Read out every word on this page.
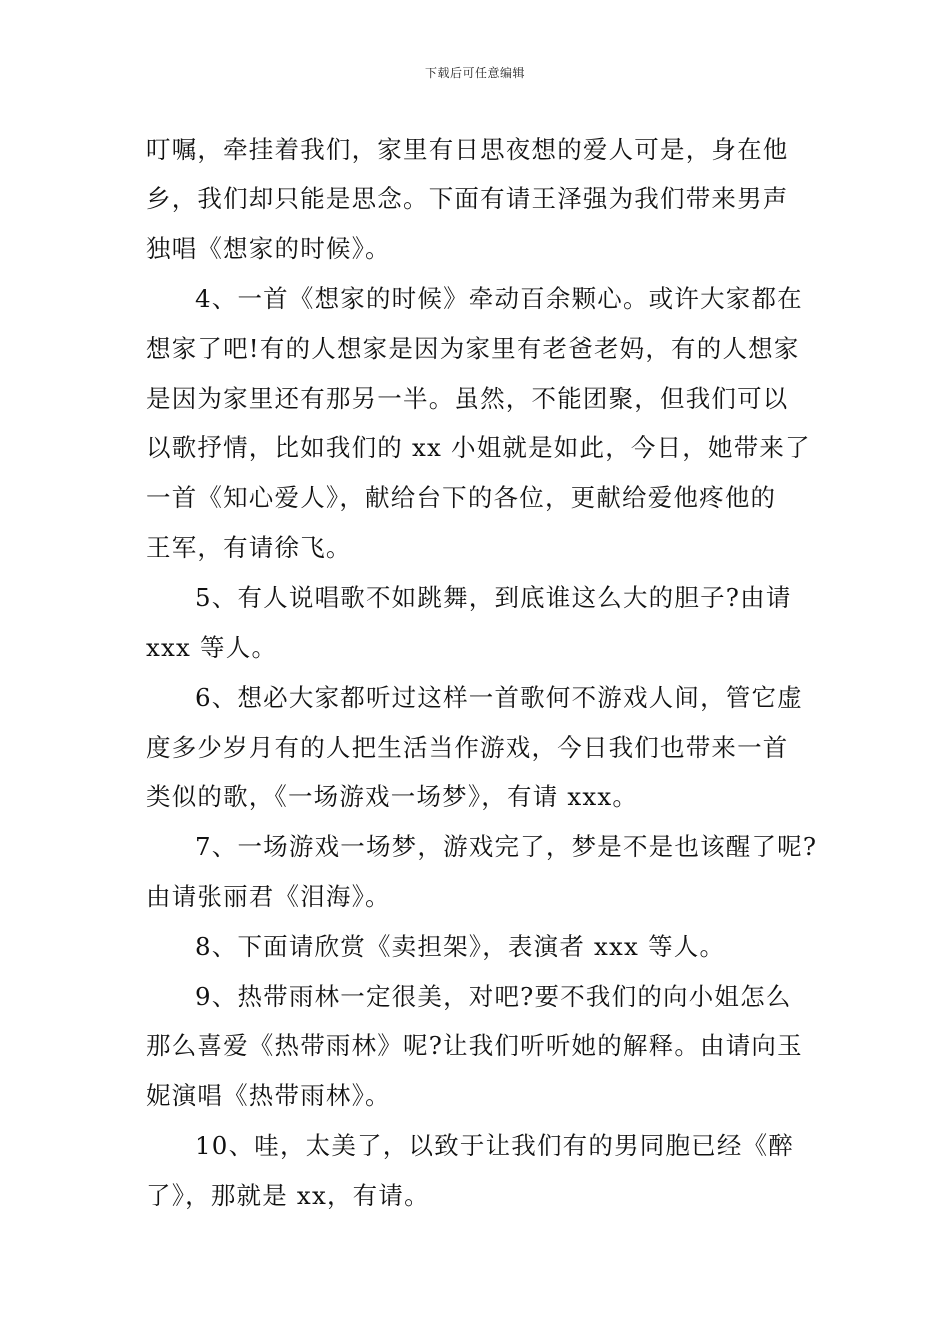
下载后可任意编辑
叮嘱，牵挂着我们，家里有日思夜想的爱人可是，身在他
乡，我们却只能是思念。下面有请王泽强为我们带来男声
独唱《想家的时候》。
4、一首《想家的时候》牵动百余颗心。或许大家都在
想家了吧!有的人想家是因为家里有老爸老妈，有的人想家
是因为家里还有那另一半。虽然，不能团聚，但我们可以
以歌抒情，比如我们的 xx 小姐就是如此，今日，她带来了
一首《知心爱人》，献给台下的各位，更献给爱他疼他的
王军，有请徐飞。
5、有人说唱歌不如跳舞，到底谁这么大的胆子?由请
xxx 等人。
6、想必大家都听过这样一首歌何不游戏人间，管它虚
度多少岁月有的人把生活当作游戏，今日我们也带来一首
类似的歌，《一场游戏一场梦》，有请 xxx。
7、一场游戏一场梦，游戏完了，梦是不是也该醒了呢?
由请张丽君《泪海》。
8、下面请欣赏《卖担架》，表演者 xxx 等人。
9、热带雨林一定很美，对吧?要不我们的向小姐怎么
那么喜爱《热带雨林》呢?让我们听听她的解释。由请向玉
妮演唱《热带雨林》。
10、哇，太美了，以致于让我们有的男同胞已经《醉
了》，那就是 xx，有请。
